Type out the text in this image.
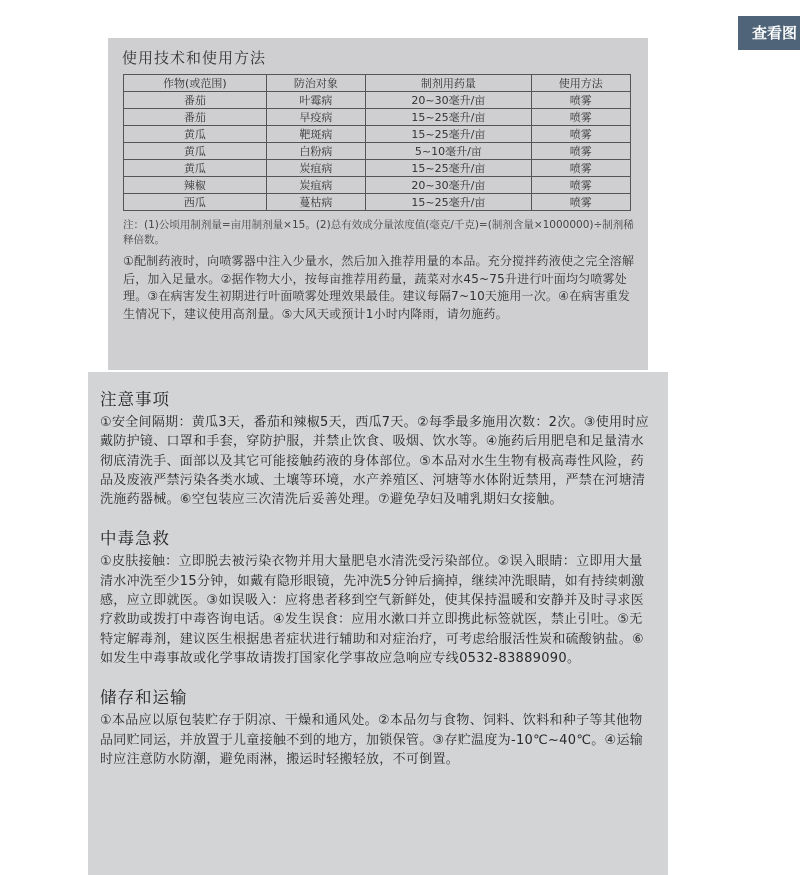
查看图
使用技术和使用方法
作物(或范围)	防治对象	制剂用药量	使用方法
番茄	叶霉病	20~30毫升/亩	喷雾
番茄	早疫病	15~25毫升/亩	喷雾
黄瓜	靶斑病	15~25毫升/亩	喷雾
黄瓜	白粉病	5~10毫升/亩	喷雾
黄瓜	炭疽病	15~25毫升/亩	喷雾
辣椒	炭疽病	20~30毫升/亩	喷雾
西瓜	蔓枯病	15~25毫升/亩	喷雾
注：(1)公顷用制剂量=亩用制剂量×15。(2)总有效成分量浓度值(毫克/千克)=(制剂含量×1000000)÷制剂稀释倍数。
①配制药液时，向喷雾器中注入少量水，然后加入推荐用量的本品。充分搅拌药液使之完全溶解后，加入足量水。②据作物大小，按每亩推荐用药量，蔬菜对水45~75升进行叶面均匀喷雾处理。③在病害发生初期进行叶面喷雾处理效果最佳。建议每隔7~10天施用一次。④在病害重发生情况下，建议使用高剂量。⑤大风天或预计1小时内降雨，请勿施药。
注意事项
①安全间隔期：黄瓜3天，番茄和辣椒5天，西瓜7天。②每季最多施用次数：2次。③使用时应戴防护镜、口罩和手套，穿防护服，并禁止饮食、吸烟、饮水等。④施药后用肥皂和足量清水彻底清洗手、面部以及其它可能接触药液的身体部位。⑤本品对水生生物有极高毒性风险，药品及废液严禁污染各类水域、土壤等环境，水产养殖区、河塘等水体附近禁用，严禁在河塘清洗施药器械。⑥空包装应三次清洗后妥善处理。⑦避免孕妇及哺乳期妇女接触。
中毒急救
①皮肤接触：立即脱去被污染衣物并用大量肥皂水清洗受污染部位。②误入眼睛：立即用大量清水冲洗至少15分钟，如戴有隐形眼镜，先冲洗5分钟后摘掉，继续冲洗眼睛，如有持续刺激感，应立即就医。③如误吸入：应将患者移到空气新鲜处，使其保持温暖和安静并及时寻求医疗救助或拨打中毒咨询电话。④发生误食：应用水漱口并立即携此标签就医，禁止引吐。⑤无特定解毒剂，建议医生根据患者症状进行辅助和对症治疗，可考虑给服活性炭和硫酸钠盐。⑥如发生中毒事故或化学事故请拨打国家化学事故应急响应专线0532-83889090。
储存和运输
①本品应以原包装贮存于阴凉、干燥和通风处。②本品勿与食物、饲料、饮料和种子等其他物品同贮同运，并放置于儿童接触不到的地方，加锁保管。③存贮温度为-10℃~40℃。④运输时应注意防水防潮，避免雨淋，搬运时轻搬轻放，不可倒置。
